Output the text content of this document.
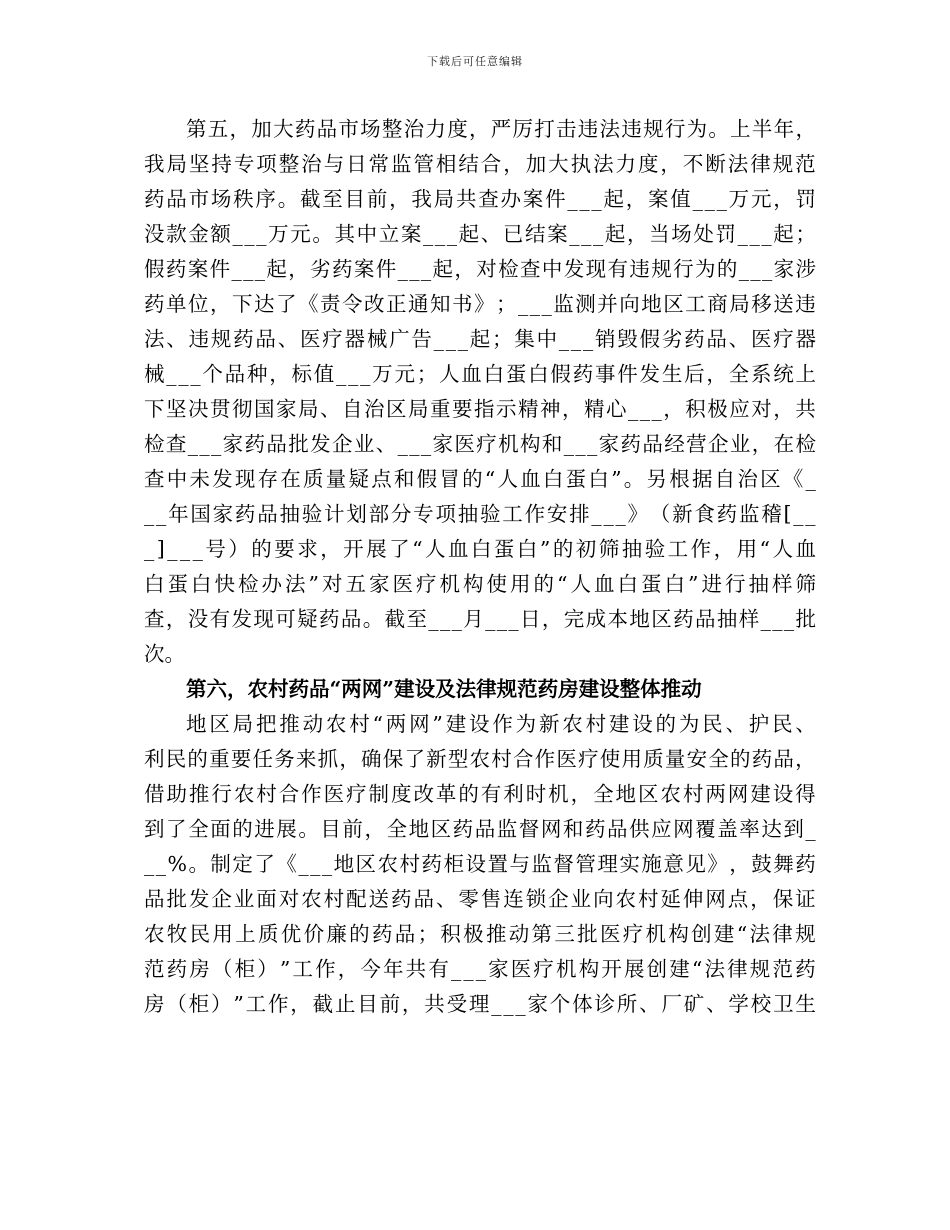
下载后可任意编辑
第 五 ， 加 大 药 品 市 场 整 治 力 度 ， 严 厉 打 击 违 法 违 规 行 为 。 上 半 年 ，
我 局 坚 持 专 项 整 治 与 日 常 监 管 相 结 合 ， 加 大 执 法 力 度 ， 不 断 法 律 规 范
药 品 市 场 秩 序 。 截 至 目 前 ， 我 局 共 查 办 案 件 _ _ _ 起 ， 案 值 _ _ _ 万 元 ， 罚
没 款 金 额 _ _ _ 万 元 。 其 中 立 案 _ _ _ 起 、 已 结 案 _ _ _ 起 ， 当 场 处 罚 _ _ _ 起 ；
假 药 案 件 _ _ _ 起 ， 劣 药 案 件 _ _ _ 起 ， 对 检 查 中 发 现 有 违 规 行 为 的 _ _ _ 家 涉
药 单 位 ， 下 达 了 《 责 令 改 正 通 知 书 》 ； _ _ _ 监 测 并 向 地 区 工 商 局 移 送 违
法 、 违 规 药 品 、 医 疗 器 械 广 告 _ _ _ 起 ； 集 中 _ _ _ 销 毁 假 劣 药 品 、 医 疗 器
械 _ _ _ 个 品 种 ， 标 值 _ _ _ 万 元 ； 人 血 白 蛋 白 假 药 事 件 发 生 后 ， 全 系 统 上
下 坚 决 贯 彻 国 家 局 、 自 治 区 局 重 要 指 示 精 神 ， 精 心 _ _ _ ， 积 极 应 对 ， 共
检 查 _ _ _ 家 药 品 批 发 企 业 、 _ _ _ 家 医 疗 机 构 和 _ _ _ 家 药 品 经 营 企 业 ， 在 检
查 中 未 发 现 存 在 质 量 疑 点 和 假 冒 的 “ 人 血 白 蛋 白 ” 。 另 根 据 自 治 区 《 _
_ _ 年 国 家 药 品 抽 验 计 划 部 分 专 项 抽 验 工 作 安 排 _ _ _ 》 （ 新 食 药 监 稽 [ _ _
_ ] _ _ _ 号 ） 的 要 求 ， 开 展 了 “ 人 血 白 蛋 白 ” 的 初 筛 抽 验 工 作 ， 用 “ 人 血
白 蛋 白 快 检 办 法 ” 对 五 家 医 疗 机 构 使 用 的 “ 人 血 白 蛋 白 ” 进 行 抽 样 筛
查 ， 没 有 发 现 可 疑 药 品 。 截 至 _ _ _ 月 _ _ _ 日 ， 完 成 本 地 区 药 品 抽 样 _ _ _ 批
次。
第六，农村药品“两网”建设及法律规范药房建设整体推动
地 区 局 把 推 动 农 村 “ 两 网 ” 建 设 作 为 新 农 村 建 设 的 为 民 、 护 民 、
利 民 的 重 要 任 务 来 抓 ， 确 保 了 新 型 农 村 合 作 医 疗 使 用 质 量 安 全 的 药 品 ，
借 助 推 行 农 村 合 作 医 疗 制 度 改 革 的 有 利 时 机 ， 全 地 区 农 村 两 网 建 设 得
到 了 全 面 的 进 展 。 目 前 ， 全 地 区 药 品 监 督 网 和 药 品 供 应 网 覆 盖 率 达 到 _
_ _ % 。 制 定 了 《 _ _ _ 地 区 农 村 药 柜 设 置 与 监 督 管 理 实 施 意 见 》 ， 鼓 舞 药
品 批 发 企 业 面 对 农 村 配 送 药 品 、 零 售 连 锁 企 业 向 农 村 延 伸 网 点 ， 保 证
农 牧 民 用 上 质 优 价 廉 的 药 品 ； 积 极 推 动 第 三 批 医 疗 机 构 创 建 “ 法 律 规
范 药 房 （ 柜 ） ” 工 作 ， 今 年 共 有 _ _ _ 家 医 疗 机 构 开 展 创 建 “ 法 律 规 范 药
房 （ 柜 ） ” 工 作 ， 截 止 目 前 ， 共 受 理 _ _ _ 家 个 体 诊 所 、 厂 矿 、 学 校 卫 生
